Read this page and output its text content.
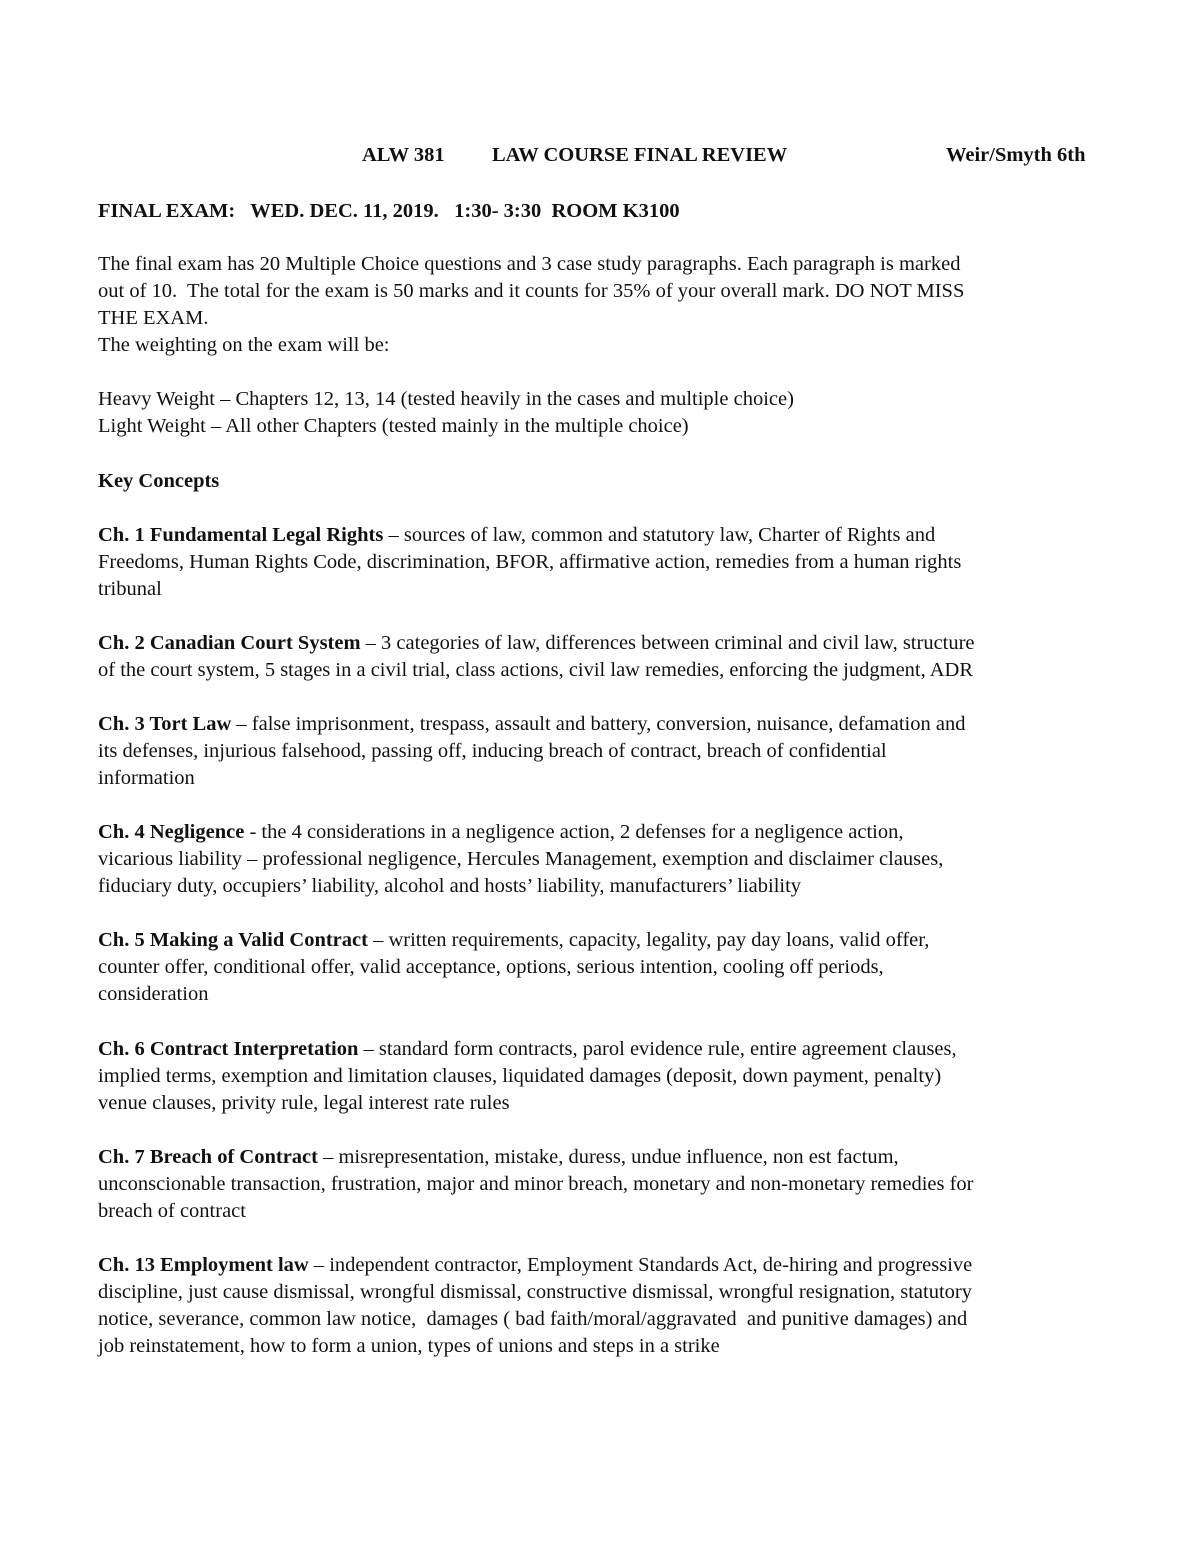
ALW 381 LAW COURSE FINAL REVIEW	Weir/Smyth 6th
FINAL EXAM:   WED. DEC. 11, 2019.   1:30- 3:30  ROOM K3100
The final exam has 20 Multiple Choice questions and 3 case study paragraphs. Each paragraph is marked
out of 10.  The total for the exam is 50 marks and it counts for 35% of your overall mark. DO NOT MISS
THE EXAM.
The weighting on the exam will be:
Heavy Weight – Chapters 12, 13, 14 (tested heavily in the cases and multiple choice)
Light Weight – All other Chapters (tested mainly in the multiple choice)
Key Concepts
Ch. 1 Fundamental Legal Rights – sources of law, common and statutory law, Charter of Rights and
Freedoms, Human Rights Code, discrimination, BFOR, affirmative action, remedies from a human rights
tribunal
Ch. 2 Canadian Court System – 3 categories of law, differences between criminal and civil law, structure
of the court system, 5 stages in a civil trial, class actions, civil law remedies, enforcing the judgment, ADR
Ch. 3 Tort Law – false imprisonment, trespass, assault and battery, conversion, nuisance, defamation and
its defenses, injurious falsehood, passing off, inducing breach of contract, breach of confidential
information
Ch. 4 Negligence - the 4 considerations in a negligence action, 2 defenses for a negligence action,
vicarious liability – professional negligence, Hercules Management, exemption and disclaimer clauses,
fiduciary duty, occupiers’ liability, alcohol and hosts’ liability, manufacturers’ liability
Ch. 5 Making a Valid Contract – written requirements, capacity, legality, pay day loans, valid offer,
counter offer, conditional offer, valid acceptance, options, serious intention, cooling off periods,
consideration
Ch. 6 Contract Interpretation – standard form contracts, parol evidence rule, entire agreement clauses,
implied terms, exemption and limitation clauses, liquidated damages (deposit, down payment, penalty)
venue clauses, privity rule, legal interest rate rules
Ch. 7 Breach of Contract – misrepresentation, mistake, duress, undue influence, non est factum,
unconscionable transaction, frustration, major and minor breach, monetary and non-monetary remedies for
breach of contract
Ch. 13 Employment law – independent contractor, Employment Standards Act, de-hiring and progressive
discipline, just cause dismissal, wrongful dismissal, constructive dismissal, wrongful resignation, statutory
notice, severance, common law notice,  damages ( bad faith/moral/aggravated  and punitive damages) and
job reinstatement, how to form a union, types of unions and steps in a strike
